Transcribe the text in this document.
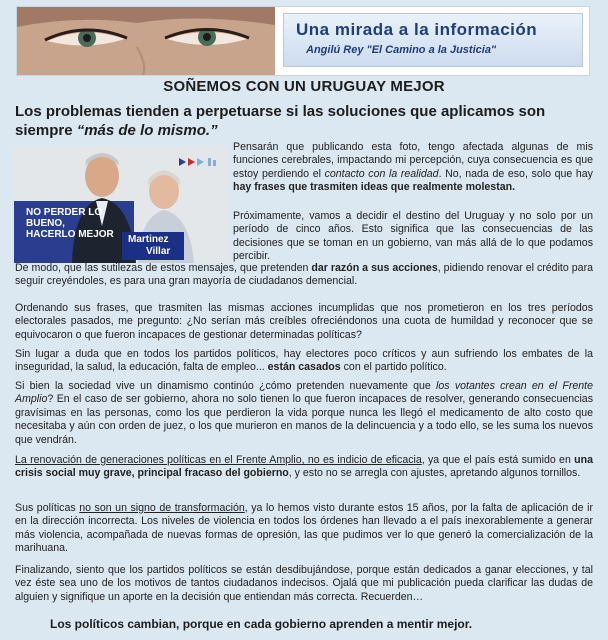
Una mirada a la información
Angilú Rey "El Camino a la Justicia"
SOÑEMOS CON UN URUGUAY MEJOR
Los problemas tienden a perpetuarse si las soluciones que aplicamos son siempre “más de lo mismo.”
NO PERDER LO BUENO,
HACERLO MEJOR	Martinez
Villar
Pensarán que publicando esta foto, tengo afectada algunas de mis funciones cerebrales, impactando mi percepción, cuya consecuencia es que estoy perdiendo el contacto con la realidad. No, nada de eso, solo que hay hay frases que trasmiten ideas que realmente molestan.
Próximamente, vamos a decidir el destino del Uruguay y no solo por un período de cinco años. Esto significa que las consecuencias de las decisiones que se toman en un gobierno, van más allá de lo que podamos percibir.
De modo, que las sutilezas de estos mensajes, que pretenden dar razón a sus acciones, pidiendo renovar el crédito para seguir creyéndoles, es para una gran mayoría de ciudadanos demencial.
Ordenando sus frases, que trasmiten las mismas acciones incumplidas que nos prometieron en los tres períodos electorales pasados, me pregunto: ¿No serían más creíbles ofreciéndonos una cuota de humildad y reconocer que se equivocaron o que fueron incapaces de gestionar determinadas políticas?
Sin lugar a duda que en todos los partidos políticos, hay electores poco críticos y aun sufriendo los embates de la inseguridad, la salud, la educación, falta de empleo... están casados con el partido político.
Si bien la sociedad vive un dinamismo continúo ¿cómo pretenden nuevamente que los votantes crean en el Frente Amplio? En el caso de ser gobierno, ahora no solo tienen lo que fueron incapaces de resolver, generando consecuencias gravísimas en las personas, como los que perdieron la vida porque nunca les llegó el medicamento de alto costo que necesitaba y aún con orden de juez, o los que murieron en manos de la delincuencia y a todo ello, se les suma los nuevos que vendrán.
La renovación de generaciones políticas en el Frente Amplio, no es indicio de eficacia, ya que el país está sumido en una crisis social muy grave, principal fracaso del gobierno, y esto no se arregla con ajustes, apretando algunos tornillos.
Sus políticas no son un signo de transformación, ya lo hemos visto durante estos 15 años, por la falta de aplicación de ir en la dirección incorrecta. Los niveles de violencia en todos los órdenes han llevado a el país inexorablemente a generar más violencia, acompañada de nuevas formas de opresión, las que pudimos ver lo que generó la comercialización de la marihuana.
Finalizando, siento que los partidos políticos se están desdibujándose, porque están dedicados a ganar elecciones, y tal vez éste sea uno de los motivos de tantos ciudadanos indecisos. Ojalá que mi publicación pueda clarificar las dudas de alguien y signifique un aporte en la decisión que entiendan más correcta. Recuerden…
Los políticos cambian, porque en cada gobierno aprenden a mentir mejor.
